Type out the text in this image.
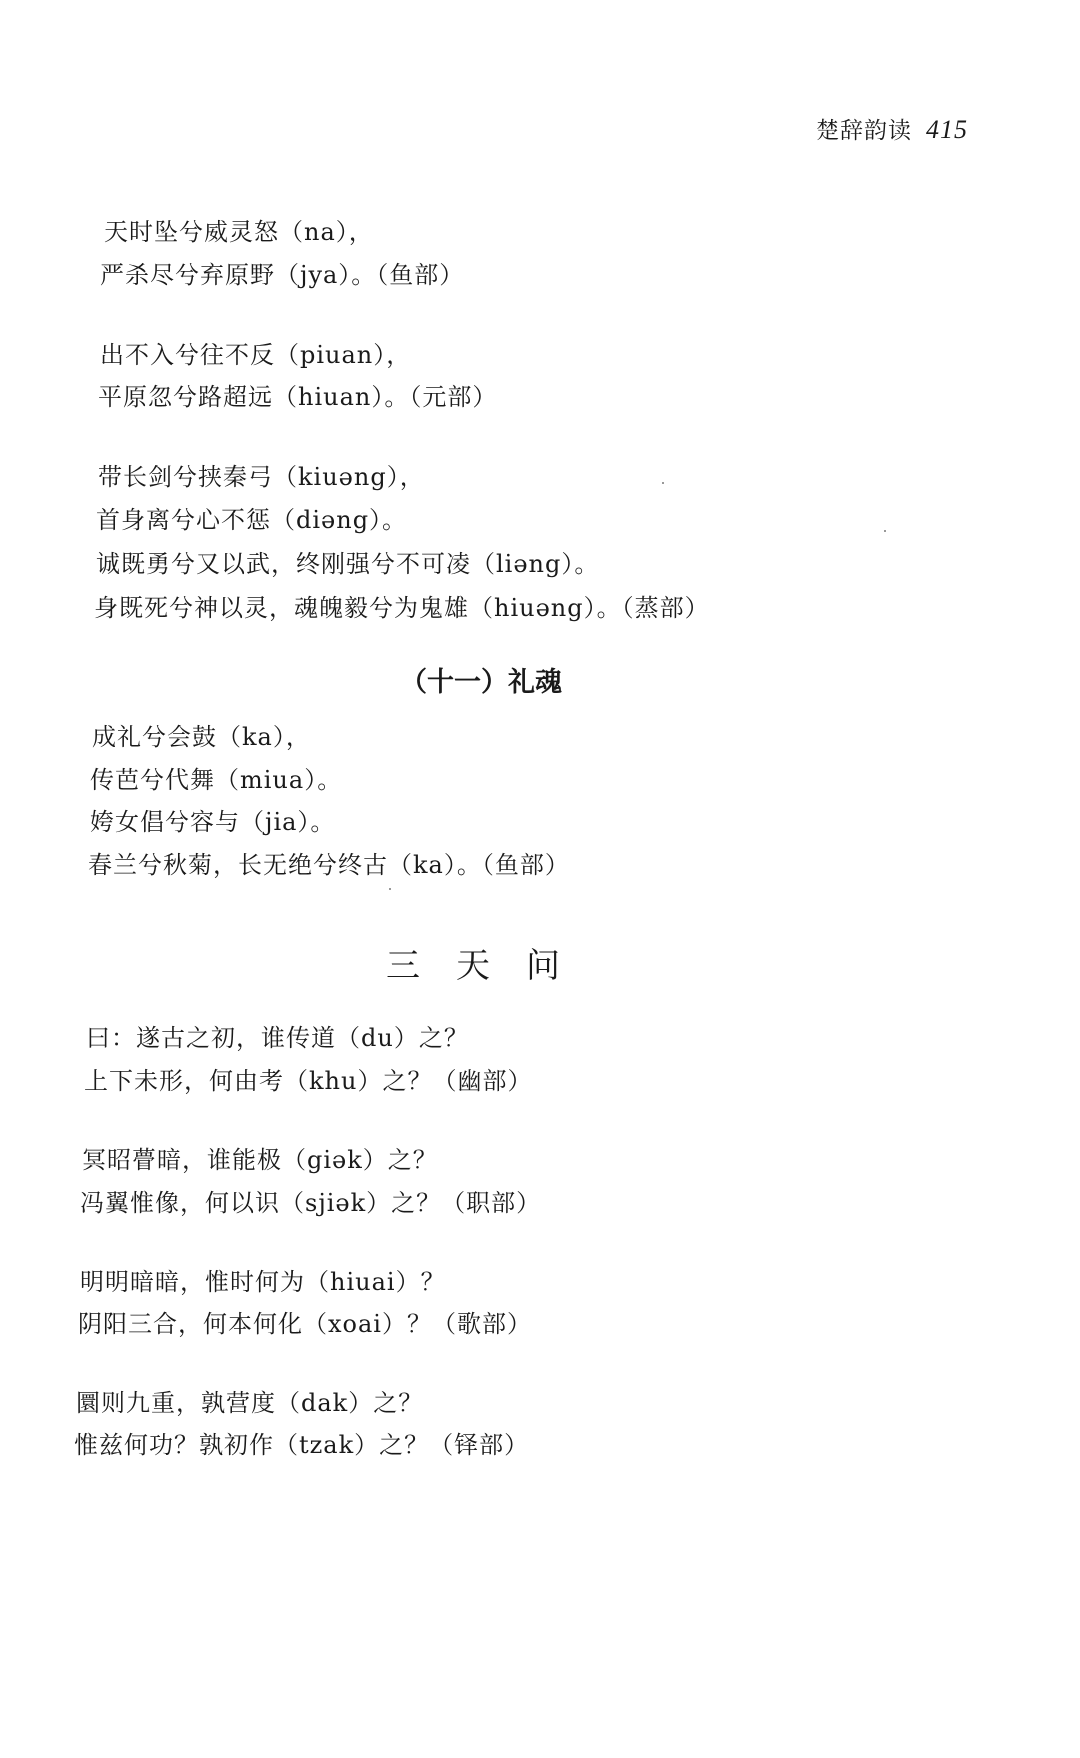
楚辞韵读 415
天时坠兮威灵怒（na），
严杀尽兮弃原野（jya）。（鱼部）
出不入兮往不反（piuan），
平原忽兮路超远（hiuan）。（元部）
带长剑兮挟秦弓（kiuəng），
首身离兮心不惩（diəng）。
诚既勇兮又以武，终刚强兮不可凌（liəng）。
身既死兮神以灵，魂魄毅兮为鬼雄（hiuəng）。（蒸部）
（十一）礼魂
成礼兮会鼓（ka），
传芭兮代舞（miua）。
姱女倡兮容与（jia）。
春兰兮秋菊，长无绝兮终古（ka）。（鱼部）
三天问
曰：遂古之初，谁传道（du）之？
上下未形，何由考（khu）之？（幽部）
冥昭瞢暗，谁能极（giək）之？
冯翼惟像，何以识（sjiək）之？（职部）
明明暗暗，惟时何为（hiuai）？
阴阳三合，何本何化（xoai）？（歌部）
圜则九重，孰营度（dak）之？
惟兹何功？孰初作（tzak）之？（铎部）
